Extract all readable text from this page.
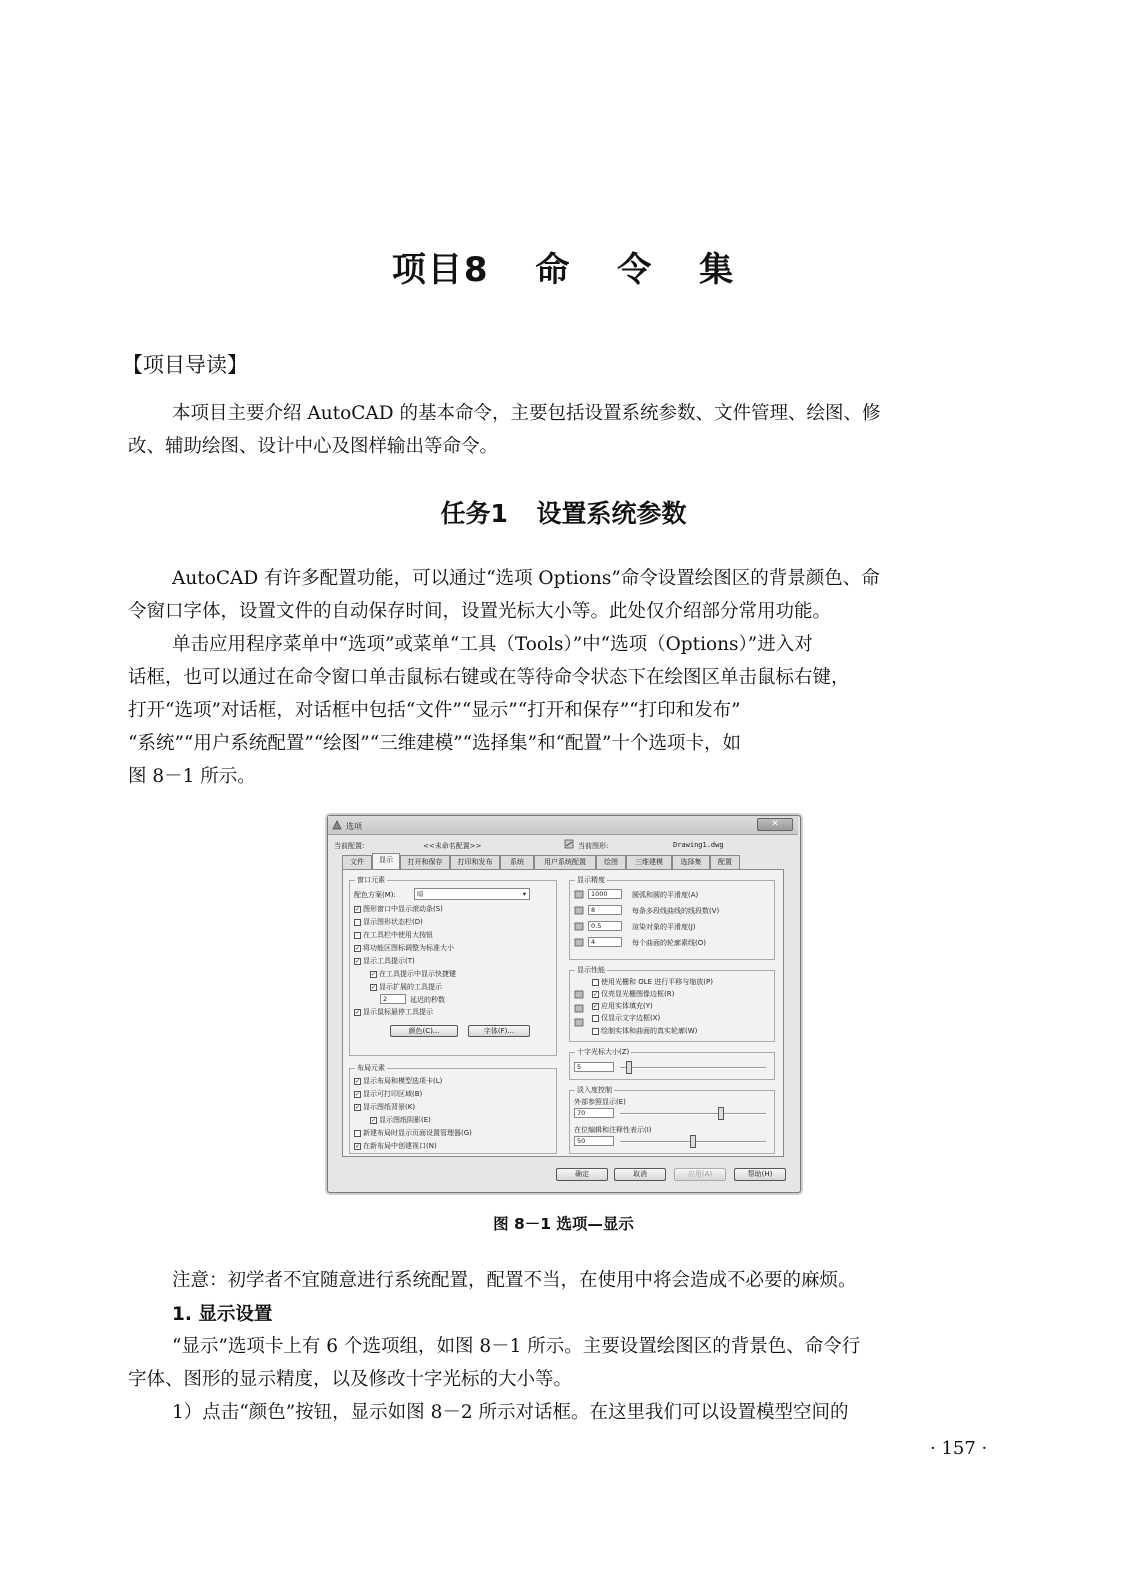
项目8 命 令 集
【项目导读】
本项目主要介绍 AutoCAD 的基本命令，主要包括设置系统参数、文件管理、绘图、修
改、辅助绘图、设计中心及图样输出等命令。
任务1 设置系统参数
AutoCAD 有许多配置功能，可以通过“选项 Options”命令设置绘图区的背景颜色、命
令窗口字体，设置文件的自动保存时间，设置光标大小等。此处仅介绍部分常用功能。
单击应用程序菜单中“选项”或菜单“工具（Tools）”中“选项（Options）”进入对
话框，也可以通过在命令窗口单击鼠标右键或在等待命令状态下在绘图区单击鼠标右键，
打开“选项”对话框，对话框中包括“文件”“显示”“打开和保存”“打印和发布”
“系统”“用户系统配置”“绘图”“三维建模”“选择集”和“配置”十个选项卡，如
图 8－1 所示。
选项	✕
当前配置:	<<未命名配置>>	当前图形:	Drawing1.dwg
文件	显示	打开和保存	打印和发布	系统	用户系统配置	绘图	三维建模	选择集	配置
窗口元素
配色方案(M):	暗	▾
✓ 图形窗口中显示滚动条(S)
显示图形状态栏(D)
在工具栏中使用大按钮
✓ 将功能区图标调整为标准大小
✓ 显示工具提示(T)
✓ 在工具提示中显示快捷键
✓ 显示扩展的工具提示
2	延迟的秒数
✓ 显示鼠标悬停工具提示
颜色(C)...	字体(F)...
布局元素
✓ 显示布局和模型选项卡(L)
✓ 显示可打印区域(B)
✓ 显示图纸背景(K)
✓ 显示图纸阴影(E)
新建布局时显示页面设置管理器(G)
✓ 在新布局中创建视口(N)
显示精度
1000	圆弧和圆的平滑度(A)
8	每条多段线曲线的线段数(V)
0.5	渲染对象的平滑度(J)
4	每个曲面的轮廓素线(O)
显示性能
使用光栅和 OLE 进行平移与缩放(P)
✓ 仅亮显光栅图像边框(R)
✓ 应用实体填充(Y)
仅显示文字边框(X)
绘制实体和曲面的真实轮廓(W)
十字光标大小(Z)
5
淡入度控制
外部参照显示(E)
70
在位编辑和注释性表示(I)
50
确定	取消	应用(A)	帮助(H)
图 8－1 选项—显示
注意：初学者不宜随意进行系统配置，配置不当，在使用中将会造成不必要的麻烦。
1. 显示设置
“显示”选项卡上有 6 个选项组，如图 8－1 所示。主要设置绘图区的背景色、命令行
字体、图形的显示精度，以及修改十字光标的大小等。
1）点击“颜色”按钮，显示如图 8－2 所示对话框。在这里我们可以设置模型空间的
· 157 ·
